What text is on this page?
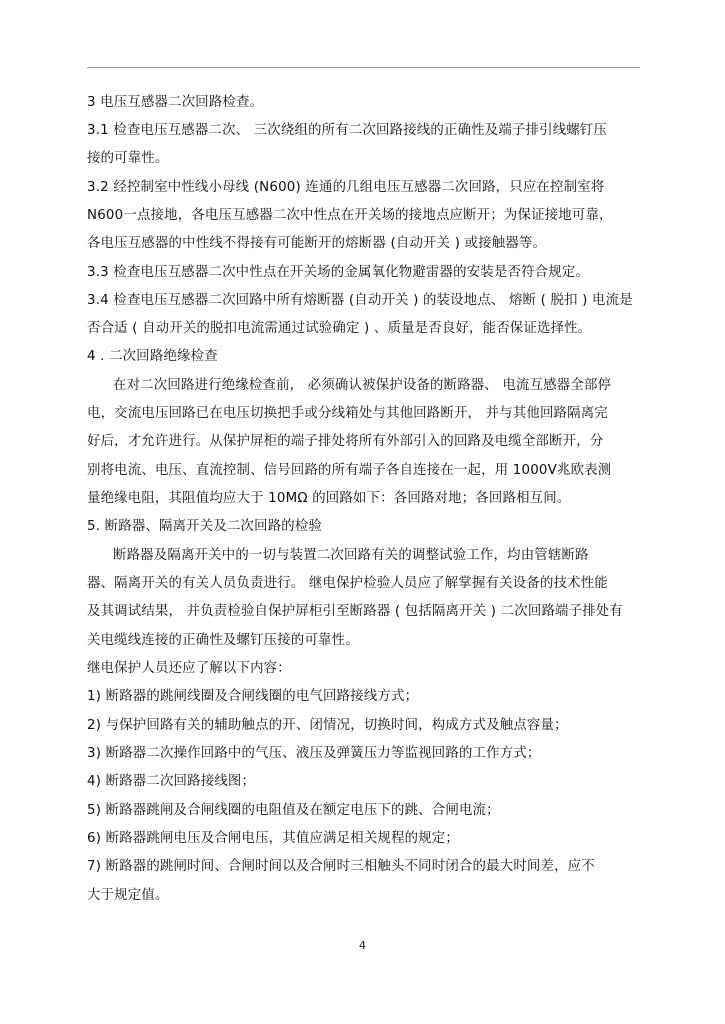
3 电压互感器二次回路检查。
3.1 检查电压互感器二次、 三次绕组的所有二次回路接线的正确性及端子排引线螺钉压
接的可靠性。
3.2 经控制室中性线小母线 (N600) 连通的几组电压互感器二次回路，只应在控制室将
N600一点接地，各电压互感器二次中性点在开关场的接地点应断开；为保证接地可靠，
各电压互感器的中性线不得接有可能断开的熔断器 (自动开关 ) 或接触器等。
3.3 检查电压互感器二次中性点在开关场的金属氧化物避雷器的安装是否符合规定。
3.4 检查电压互感器二次回路中所有熔断器 (自动开关 ) 的装设地点、 熔断 ( 脱扣 ) 电流是
否合适 ( 自动开关的脱扣电流需通过试验确定 ) 、质量是否良好，能否保证选择性。
4 . 二次回路绝缘检查
在对二次回路进行绝缘检查前， 必须确认被保护设备的断路器、 电流互感器全部停
电，交流电压回路已在电压切换把手或分线箱处与其他回路断开， 并与其他回路隔离完
好后，才允许进行。从保护屏柜的端子排处将所有外部引入的回路及电缆全部断开，分
别将电流、电压、直流控制、信号回路的所有端子各自连接在一起，用 1000V兆欧表测
量绝缘电阻，其阻值均应大于 10MΩ 的回路如下：各回路对地；各回路相互间。
5. 断路器、隔离开关及二次回路的检验
断路器及隔离开关中的一切与装置二次回路有关的调整试验工作，均由管辖断路
器、隔离开关的有关人员负责进行。 继电保护检验人员应了解掌握有关设备的技术性能
及其调试结果， 并负责检验自保护屏柜引至断路器 ( 包括隔离开关 ) 二次回路端子排处有
关电缆线连接的正确性及螺钉压接的可靠性。
继电保护人员还应了解以下内容：
1) 断路器的跳闸线圈及合闸线圈的电气回路接线方式；
2) 与保护回路有关的辅助触点的开、闭情况，切换时间，构成方式及触点容量；
3) 断路器二次操作回路中的气压、液压及弹簧压力等监视回路的工作方式；
4) 断路器二次回路接线图；
5) 断路器跳闸及合闸线圈的电阻值及在额定电压下的跳、合闸电流；
6) 断路器跳闸电压及合闸电压，其值应满足相关规程的规定；
7) 断路器的跳闸时间、合闸时间以及合闸时三相触头不同时闭合的最大时间差，应不
大于规定值。
4
